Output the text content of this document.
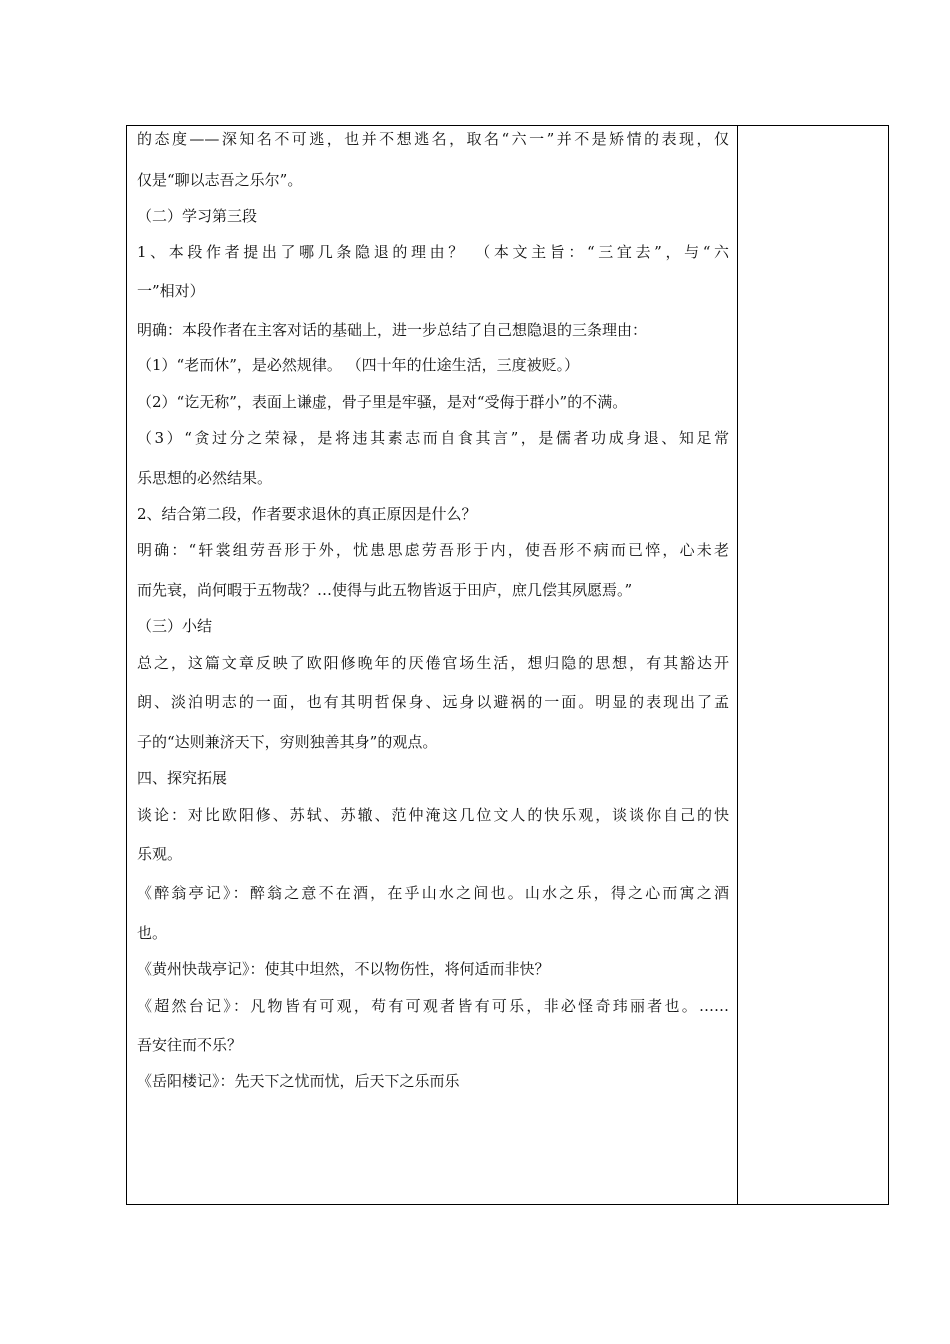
的态度——深知名不可逃，也并不想逃名，取名“六一”并不是矫情的表现，仅
仅是“聊以志吾之乐尔”。
（二）学习第三段
1、本段作者提出了哪几条隐退的理由？ （本文主旨：“三宜去”，与“六
一”相对）
明确：本段作者在主客对话的基础上，进一步总结了自己想隐退的三条理由：
（1）“老而休”，是必然规律。 （四十年的仕途生活，三度被贬。）
（2）“讫无称”，表面上谦虚，骨子里是牢骚，是对“受侮于群小”的不满。
（3）“贪过分之荣禄，是将违其素志而自食其言”，是儒者功成身退、知足常
乐思想的必然结果。
2、结合第二段，作者要求退休的真正原因是什么？
明确：“轩裳组劳吾形于外，忧患思虑劳吾形于内，使吾形不病而已悴，心未老
而先衰，尚何暇于五物哉？…使得与此五物皆返于田庐，庶几偿其夙愿焉。”
（三）小结
总之，这篇文章反映了欧阳修晚年的厌倦官场生活，想归隐的思想，有其豁达开
朗、淡泊明志的一面，也有其明哲保身、远身以避祸的一面。明显的表现出了孟
子的“达则兼济天下，穷则独善其身”的观点。
四、探究拓展
谈论：对比欧阳修、苏轼、苏辙、范仲淹这几位文人的快乐观，谈谈你自己的快
乐观。
《醉翁亭记》：醉翁之意不在酒，在乎山水之间也。山水之乐，得之心而寓之酒
也。
《黄州快哉亭记》：使其中坦然，不以物伤性，将何适而非快？
《超然台记》：凡物皆有可观，苟有可观者皆有可乐，非必怪奇玮丽者也。……
吾安往而不乐？
《岳阳楼记》：先天下之忧而忧，后天下之乐而乐
